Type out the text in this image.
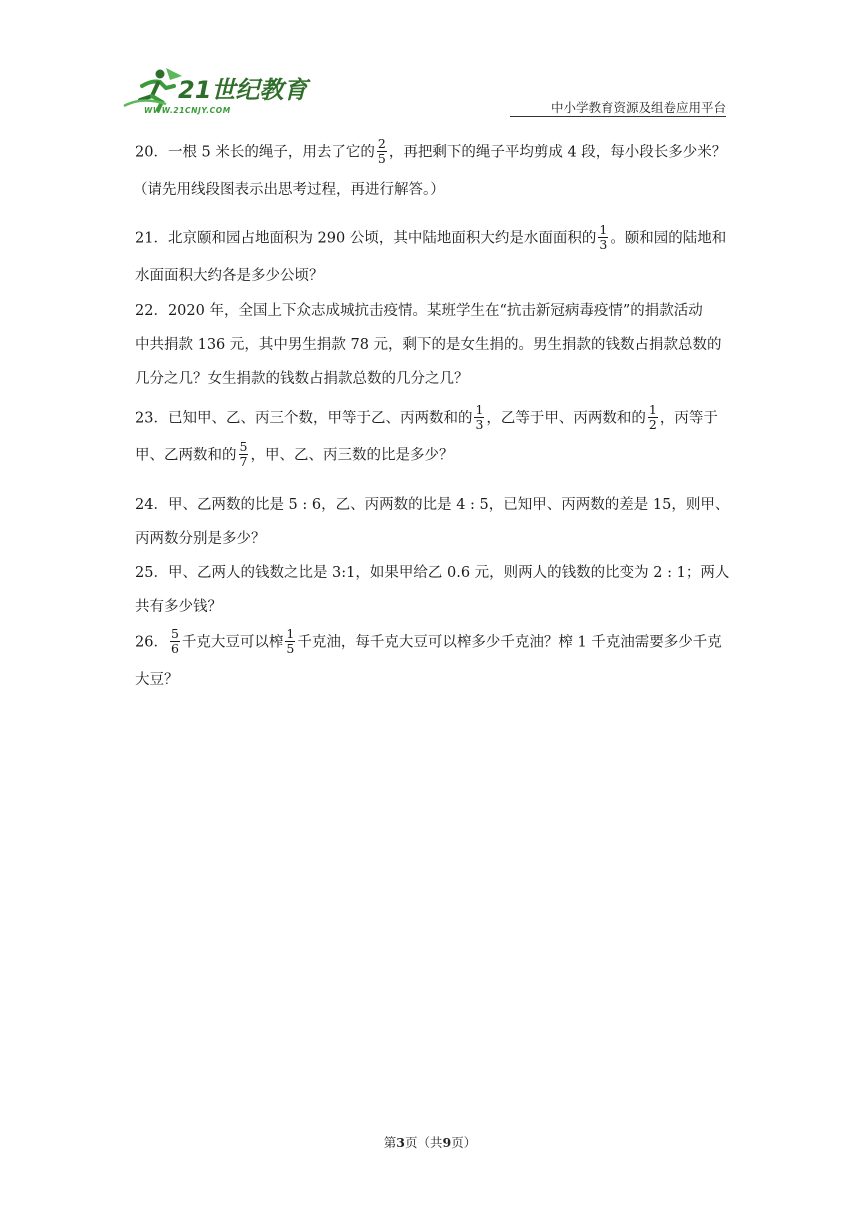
21世纪教育
WWW.21CNJY.COM	中小学教育资源及组卷应用平台
20．一根 5 米长的绳子，用去了它的 $\frac{2}{5}$ ，再把剩下的绳子平均剪成 4 段，每小段长多少米？
（请先用线段图表示出思考过程，再进行解答。）
21．北京颐和园占地面积为 290 公顷，其中陆地面积大约是水面面积的 $\frac{1}{3}$ 。颐和园的陆地和
水面面积大约各是多少公顷？
22．2020 年，全国上下众志成城抗击疫情。某班学生在“抗击新冠病毒疫情”的捐款活动
中共捐款 136 元，其中男生捐款 78 元，剩下的是女生捐的。男生捐款的钱数占捐款总数的
几分之几？女生捐款的钱数占捐款总数的几分之几？
23．已知甲、乙、丙三个数，甲等于乙、丙两数和的 $\frac{1}{3}$ ，乙等于甲、丙两数和的 $\frac{1}{2}$ ，丙等于
甲、乙两数和的 $\frac{5}{7}$ ，甲、乙、丙三数的比是多少？
24．甲、乙两数的比是 5 : 6，乙、丙两数的比是 4 : 5，已知甲、丙两数的差是 15，则甲、
丙两数分别是多少？
25．甲、乙两人的钱数之比是 3:1，如果甲给乙 0.6 元，则两人的钱数的比变为 2 : 1；两人
共有多少钱？
26． $\frac{5}{6}$ 千克大豆可以榨 $\frac{1}{5}$ 千克油，每千克大豆可以榨多少千克油？榨 1 千克油需要多少千克
大豆？
第3页（共9页）
